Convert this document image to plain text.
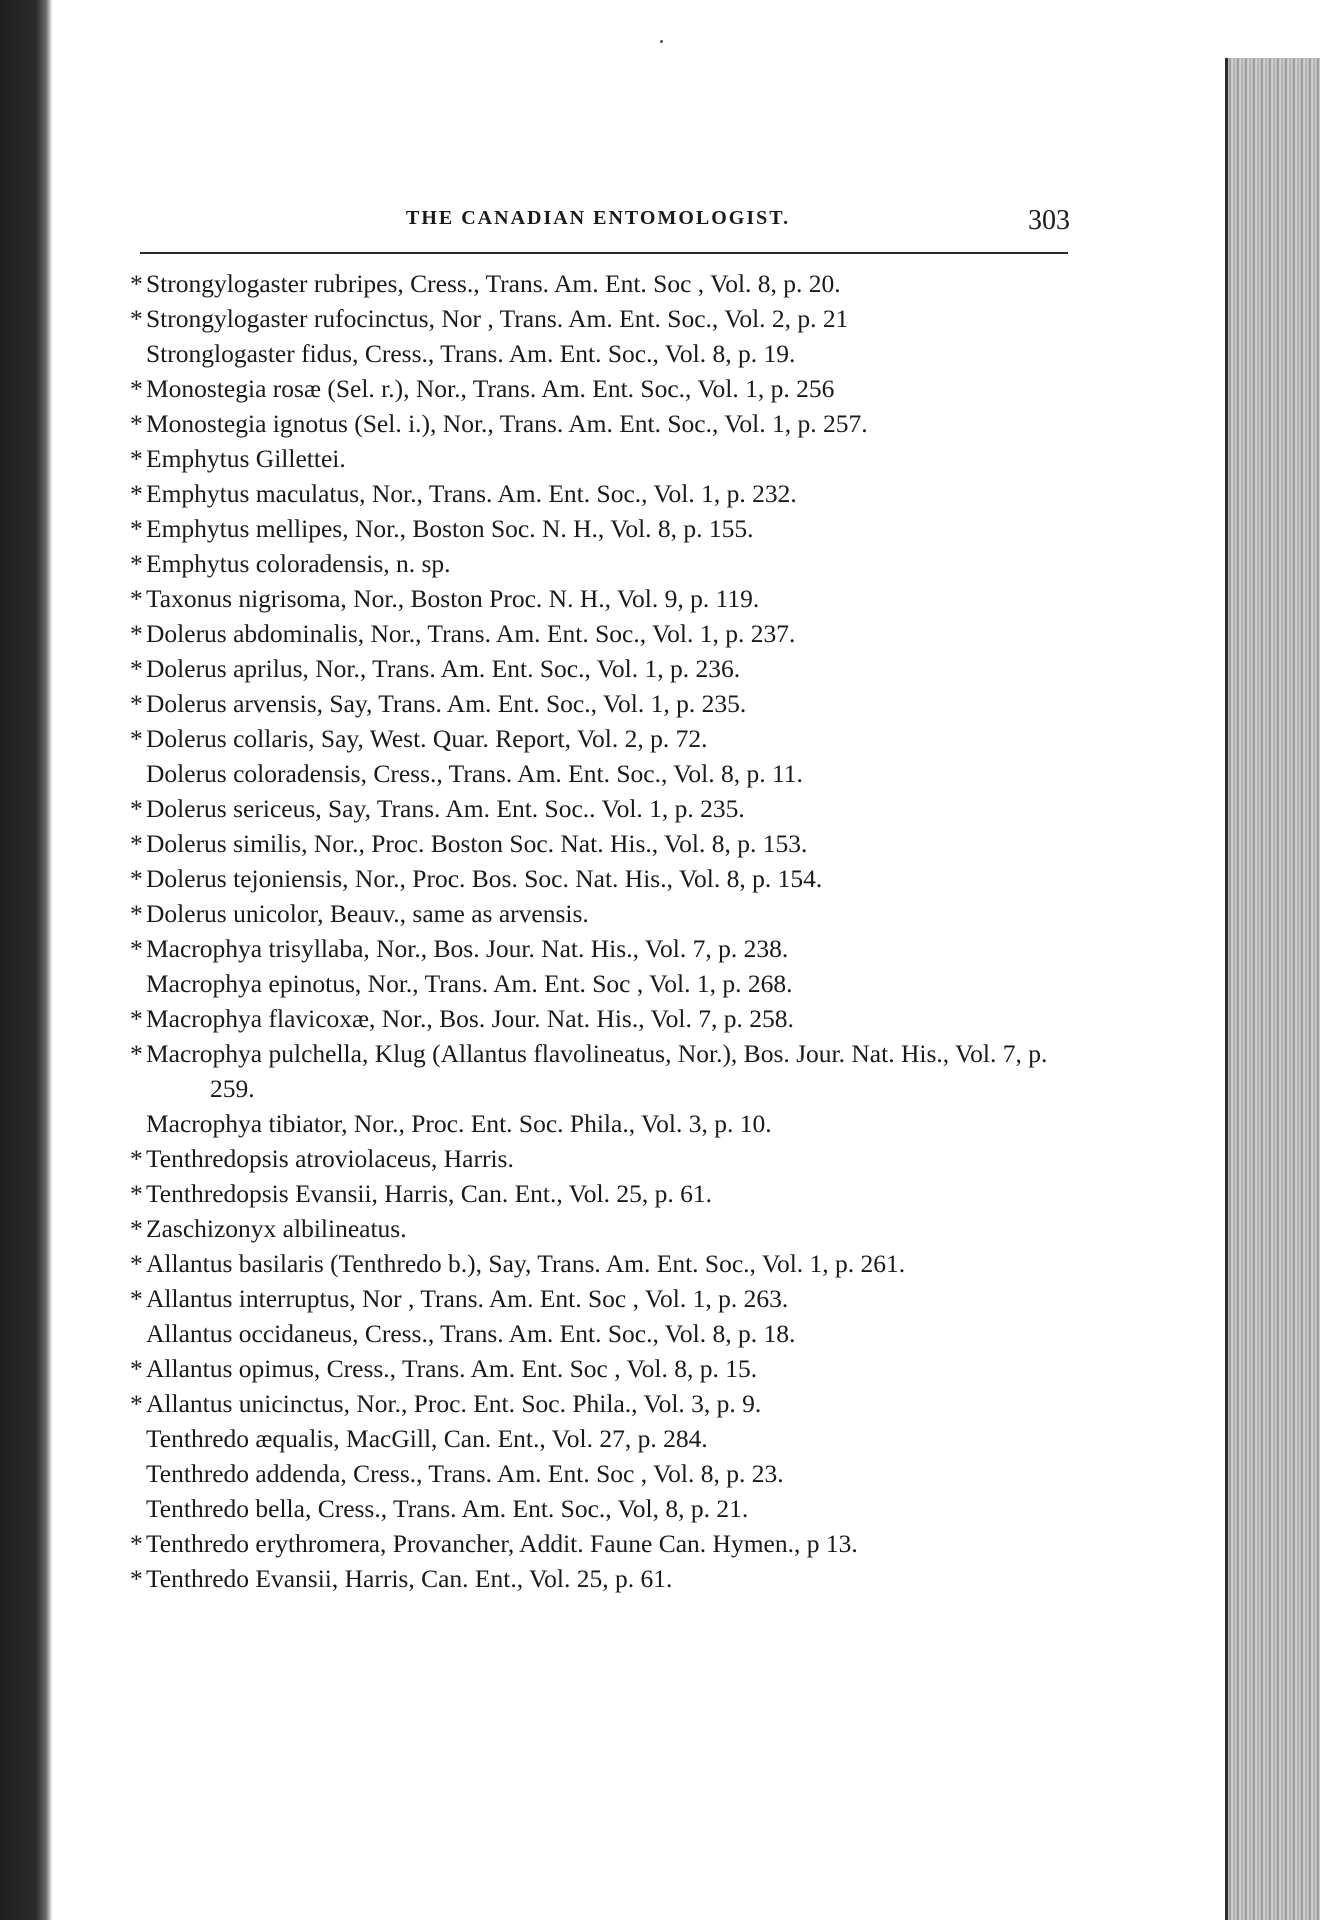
THE CANADIAN ENTOMOLOGIST.	303
* Strongylogaster rubripes, Cress., Trans. Am. Ent. Soc , Vol. 8, p. 20.
* Strongylogaster rufocinctus, Nor , Trans. Am. Ent. Soc., Vol. 2, p. 21
Stronglogaster fidus, Cress., Trans. Am. Ent. Soc., Vol. 8, p. 19.
* Monostegia rosæ (Sel. r.), Nor., Trans. Am. Ent. Soc., Vol. 1, p. 256
* Monostegia ignotus (Sel. i.), Nor., Trans. Am. Ent. Soc., Vol. 1, p. 257.
* Emphytus Gillettei.
* Emphytus maculatus, Nor., Trans. Am. Ent. Soc., Vol. 1, p. 232.
* Emphytus mellipes, Nor., Boston Soc. N. H., Vol. 8, p. 155.
* Emphytus coloradensis, n. sp.
* Taxonus nigrisoma, Nor., Boston Proc. N. H., Vol. 9, p. 119.
* Dolerus abdominalis, Nor., Trans. Am. Ent. Soc., Vol. 1, p. 237.
* Dolerus aprilus, Nor., Trans. Am. Ent. Soc., Vol. 1, p. 236.
* Dolerus arvensis, Say, Trans. Am. Ent. Soc., Vol. 1, p. 235.
* Dolerus collaris, Say, West. Quar. Report, Vol. 2, p. 72.
Dolerus coloradensis, Cress., Trans. Am. Ent. Soc., Vol. 8, p. 11.
* Dolerus sericeus, Say, Trans. Am. Ent. Soc.. Vol. 1, p. 235.
* Dolerus similis, Nor., Proc. Boston Soc. Nat. His., Vol. 8, p. 153.
* Dolerus tejoniensis, Nor., Proc. Bos. Soc. Nat. His., Vol. 8, p. 154.
* Dolerus unicolor, Beauv., same as arvensis.
* Macrophya trisyllaba, Nor., Bos. Jour. Nat. His., Vol. 7, p. 238.
Macrophya epinotus, Nor., Trans. Am. Ent. Soc , Vol. 1, p. 268.
* Macrophya flavicoxæ, Nor., Bos. Jour. Nat. His., Vol. 7, p. 258.
* Macrophya pulchella, Klug (Allantus flavolineatus, Nor.), Bos. Jour. Nat. His., Vol. 7, p. 259.
Macrophya tibiator, Nor., Proc. Ent. Soc. Phila., Vol. 3, p. 10.
* Tenthredopsis atroviolaceus, Harris.
* Tenthredopsis Evansii, Harris, Can. Ent., Vol. 25, p. 61.
* Zaschizonyx albilineatus.
* Allantus basilaris (Tenthredo b.), Say, Trans. Am. Ent. Soc., Vol. 1, p. 261.
* Allantus interruptus, Nor , Trans. Am. Ent. Soc , Vol. 1, p. 263.
Allantus occidaneus, Cress., Trans. Am. Ent. Soc., Vol. 8, p. 18.
* Allantus opimus, Cress., Trans. Am. Ent. Soc , Vol. 8, p. 15.
* Allantus unicinctus, Nor., Proc. Ent. Soc. Phila., Vol. 3, p. 9.
Tenthredo æqualis, MacGill, Can. Ent., Vol. 27, p. 284.
Tenthredo addenda, Cress., Trans. Am. Ent. Soc , Vol. 8, p. 23.
Tenthredo bella, Cress., Trans. Am. Ent. Soc., Vol, 8, p. 21.
* Tenthredo erythromera, Provancher, Addit. Faune Can. Hymen., p 13.
* Tenthredo Evansii, Harris, Can. Ent., Vol. 25, p. 61.
